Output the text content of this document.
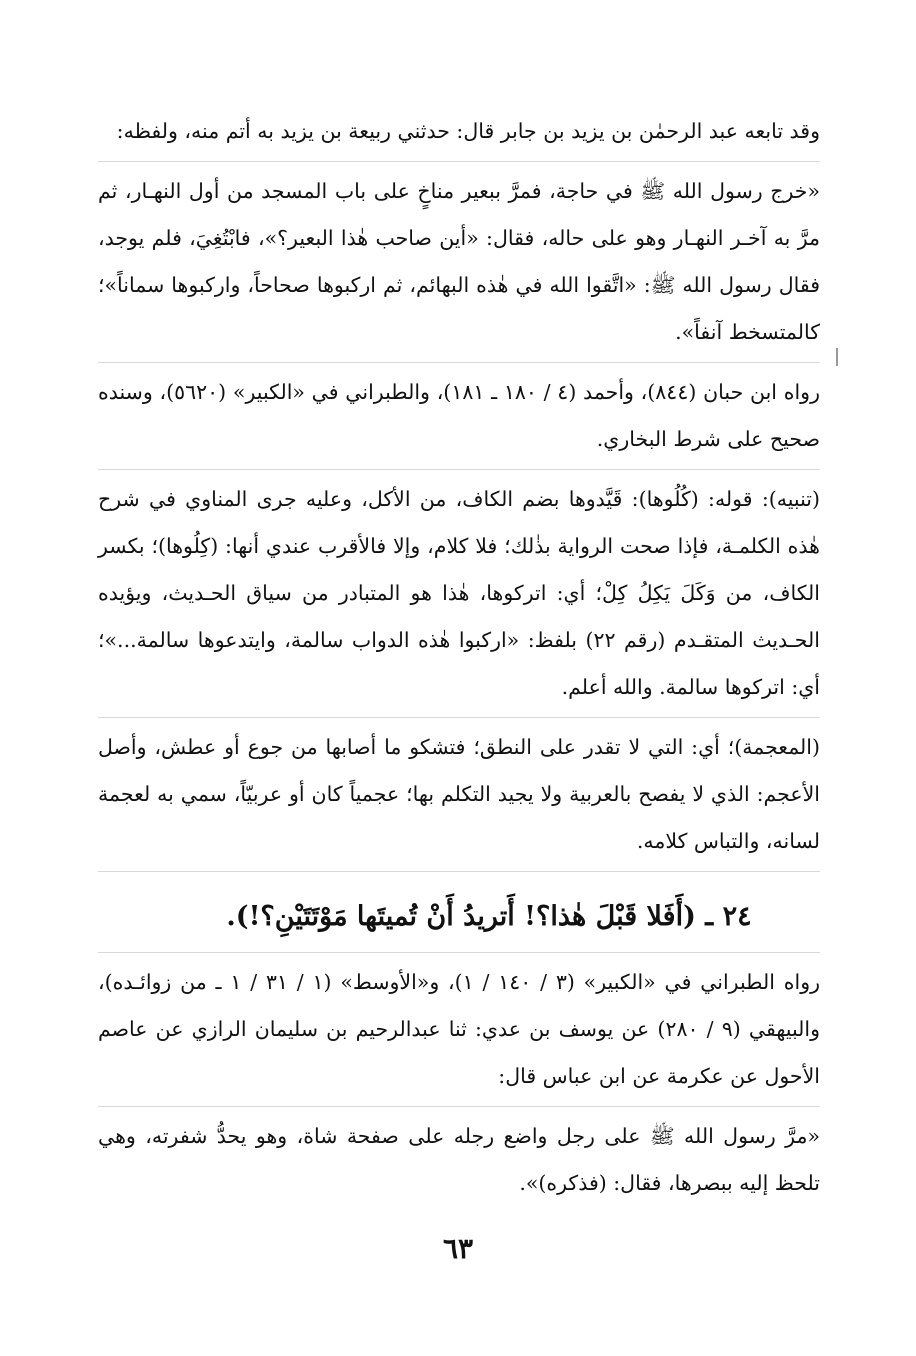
وقد تابعه عبد الرحمٰن بن يزيد بن جابر قال: حدثني ربيعة بن يزيد به أتم منه، ولفظه:

«خرج رسول الله ﷺ في حاجة، فمرَّ ببعير مناخٍ على باب المسجد من أول النهـار، ثم مرَّ به آخـر النهـار وهو على حاله، فقال: «أين صاحب هٰذا البعير؟»، فابْتُغِيَ، فلم يوجد، فقال رسول الله ﷺ: «اتَّقوا الله في هٰذه البهائم، ثم اركبوها صحاحاً، واركبوها سماناً»؛ كالمتسخط آنفاً».

رواه ابن حبان (٨٤٤)، وأحمد (٤ / ١٨٠ ـ ١٨١)، والطبراني في «الكبير» (٥٦٢٠)، وسنده صحيح على شرط البخاري.

(تنبيه): قوله: (كُلُوها): قَيَّدوها بضم الكاف، من الأكل، وعليه جرى المناوي في شرح هٰذه الكلمـة، فإذا صحت الرواية بذٰلك؛ فلا كلام، وإلا فالأقرب عندي أنها: (كِلُوها)؛ بكسر الكاف، من وَكَلَ يَكِلُ كِلْ؛ أي: اتركوها، هٰذا هو المتبادر من سياق الحـديث، ويؤيده الحـديث المتقـدم (رقم ٢٢) بلفظ: «اركبوا هٰذه الدواب سالمة، وايتدعوها سالمة...»؛ أي: اتركوها سالمة. والله أعلم.

(المعجمة)؛ أي: التي لا تقدر على النطق؛ فتشكو ما أصابها من جوع أو عطش، وأصل الأعجم: الذي لا يفصح بالعربية ولا يجيد التكلم بها؛ عجمياً كان أو عربيّاً، سمي به لعجمة لسانه، والتباس كلامه.

٢٤ ـ (أَفَلا قَبْلَ هٰذا؟! أَتريدُ أَنْ تُميتَها مَوْتَتَيْنِ؟!).

رواه الطبراني في «الكبير» (٣ / ١٤٠ / ١)، و«الأوسط» (١ / ٣١ / ١ ـ من زوائـده)، والبيهقي (٩ / ٢٨٠) عن يوسف بن عدي: ثنا عبدالرحيم بن سليمان الرازي عن عاصم الأحول عن عكرمة عن ابن عباس قال:

«مرَّ رسول الله ﷺ على رجل واضع رجله على صفحة شاة، وهو يحدُّ شفرته، وهي تلحظ إليه ببصرها، فقال: (فذكره)».

٦٣
